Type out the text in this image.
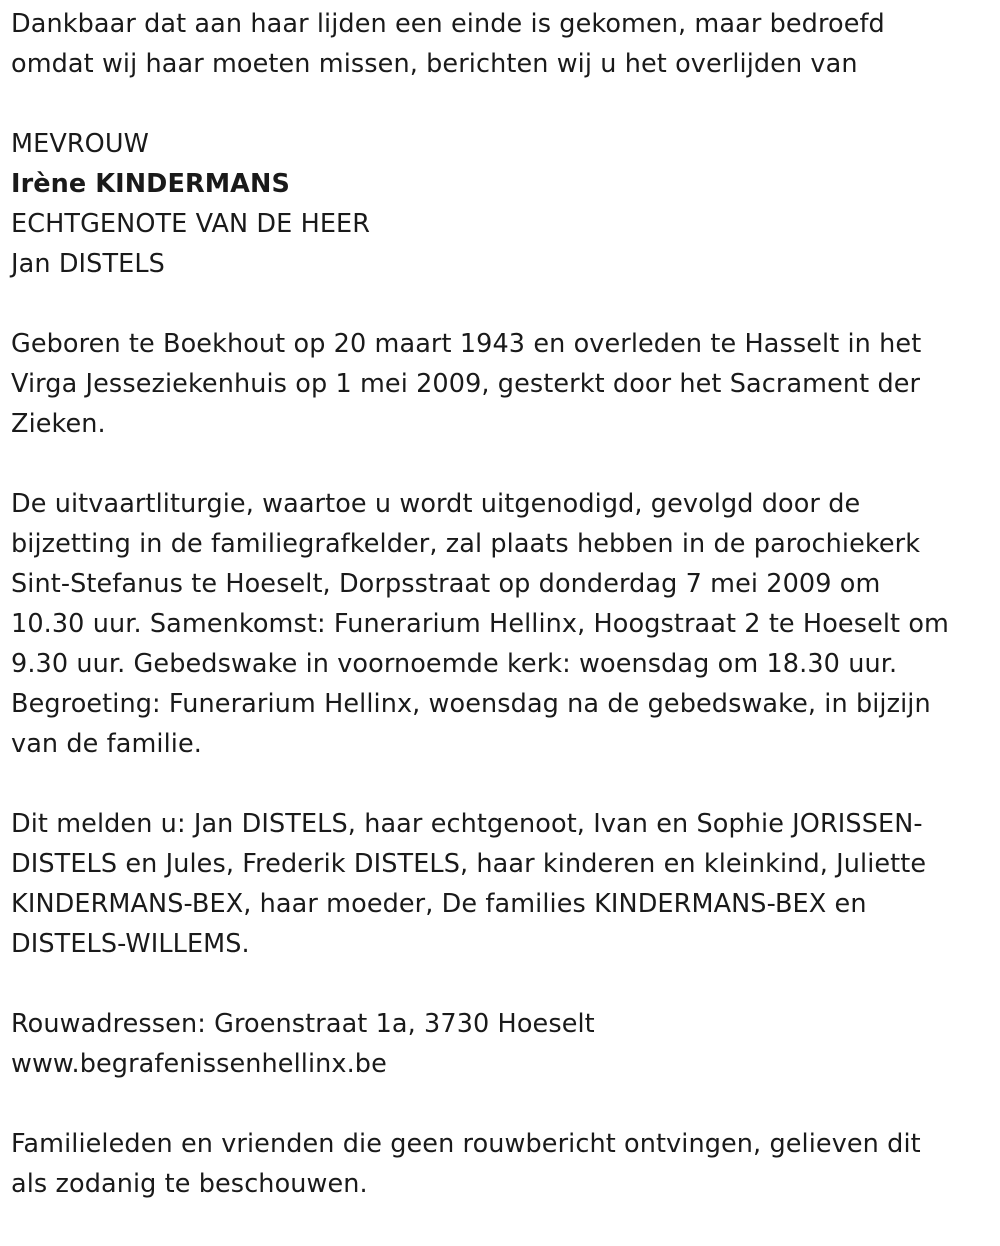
Dankbaar dat aan haar lijden een einde is gekomen, maar bedroefd
omdat wij haar moeten missen, berichten wij u het overlijden van
MEVROUW
Irène KINDERMANS
ECHTGENOTE VAN DE HEER
Jan DISTELS
Geboren te Boekhout op 20 maart 1943 en overleden te Hasselt in het
Virga Jesseziekenhuis op 1 mei 2009, gesterkt door het Sacrament der
Zieken.
De uitvaartliturgie, waartoe u wordt uitgenodigd, gevolgd door de
bijzetting in de familiegrafkelder, zal plaats hebben in de parochiekerk
Sint-Stefanus te Hoeselt, Dorpsstraat op donderdag 7 mei 2009 om
10.30 uur. Samenkomst: Funerarium Hellinx, Hoogstraat 2 te Hoeselt om
9.30 uur. Gebedswake in voornoemde kerk: woensdag om 18.30 uur.
Begroeting: Funerarium Hellinx, woensdag na de gebedswake, in bijzijn
van de familie.
Dit melden u: Jan DISTELS, haar echtgenoot, Ivan en Sophie JORISSEN-
DISTELS en Jules, Frederik DISTELS, haar kinderen en kleinkind, Juliette
KINDERMANS-BEX, haar moeder, De families KINDERMANS-BEX en
DISTELS-WILLEMS.
Rouwadressen: Groenstraat 1a, 3730 Hoeselt
www.begrafenissenhellinx.be
Familieleden en vrienden die geen rouwbericht ontvingen, gelieven dit
als zodanig te beschouwen.
